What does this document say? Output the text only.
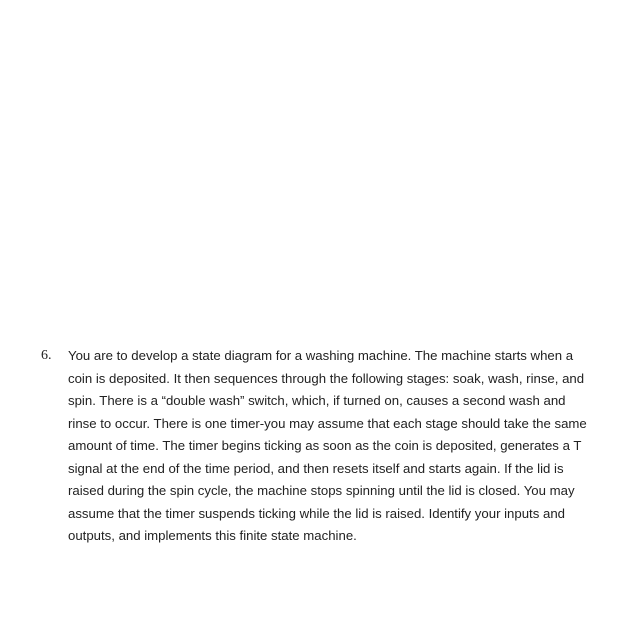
6. You are to develop a state diagram for a washing machine. The machine starts when a
coin is deposited. It then sequences through the following stages: soak, wash, rinse, and
spin. There is a “double wash” switch, which, if turned on, causes a second wash and
rinse to occur. There is one timer-you may assume that each stage should take the same
amount of time. The timer begins ticking as soon as the coin is deposited, generates a T
signal at the end of the time period, and then resets itself and starts again. If the lid is
raised during the spin cycle, the machine stops spinning until the lid is closed. You may
assume that the timer suspends ticking while the lid is raised. Identify your inputs and
outputs, and implements this finite state machine.
